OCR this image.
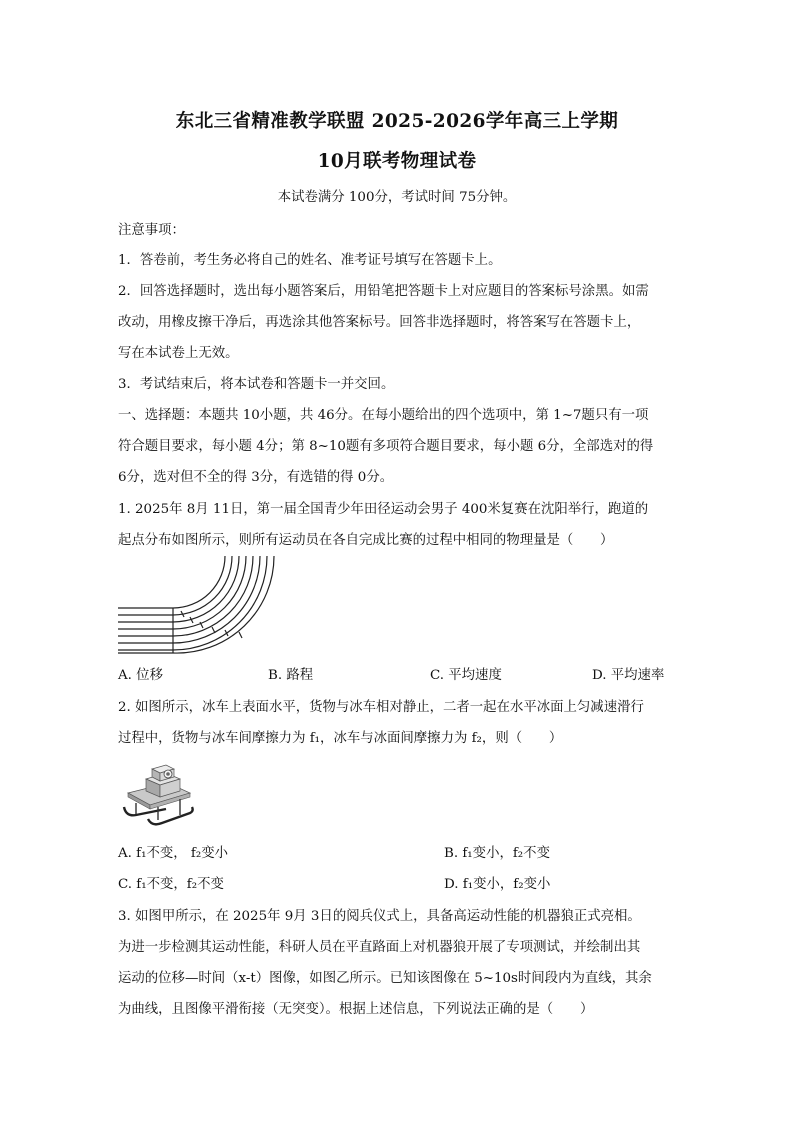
东北三省精准教学联盟 2025-2026学年高三上学期
10月联考物理试卷
本试卷满分 100分，考试时间 75分钟。
注意事项：
1．答卷前，考生务必将自己的姓名、准考证号填写在答题卡上。
2．回答选择题时，选出每小题答案后，用铅笔把答题卡上对应题目的答案标号涂黑。如需
改动，用橡皮擦干净后，再选涂其他答案标号。回答非选择题时，将答案写在答题卡上，
写在本试卷上无效。
3．考试结束后，将本试卷和答题卡一并交回。
一、选择题：本题共 10小题，共 46分。在每小题给出的四个选项中，第 1~7题只有一项
符合题目要求，每小题 4分；第 8~10题有多项符合题目要求，每小题 6分，全部选对的得
6分，选对但不全的得 3分，有选错的得 0分。
1. 2025年 8月 11日，第一届全国青少年田径运动会男子 400米复赛在沈阳举行，跑道的
起点分布如图所示，则所有运动员在各自完成比赛的过程中相同的物理量是（　　）
A. 位移	B. 路程	C. 平均速度	D. 平均速率
2. 如图所示，冰车上表面水平，货物与冰车相对静止，二者一起在水平冰面上匀减速滑行
过程中，货物与冰车间摩擦力为 f₁，冰车与冰面间摩擦力为 f₂，则（　　）
A. f₁不变， f₂变小	B. f₁变小，f₂不变
C. f₁不变，f₂不变	D. f₁变小，f₂变小
3. 如图甲所示，在 2025年 9月 3日的阅兵仪式上，具备高运动性能的机器狼正式亮相。
为进一步检测其运动性能，科研人员在平直路面上对机器狼开展了专项测试，并绘制出其
运动的位移—时间（x-t）图像，如图乙所示。已知该图像在 5~10s时间段内为直线，其余
为曲线，且图像平滑衔接（无突变）。根据上述信息，下列说法正确的是（　　）
